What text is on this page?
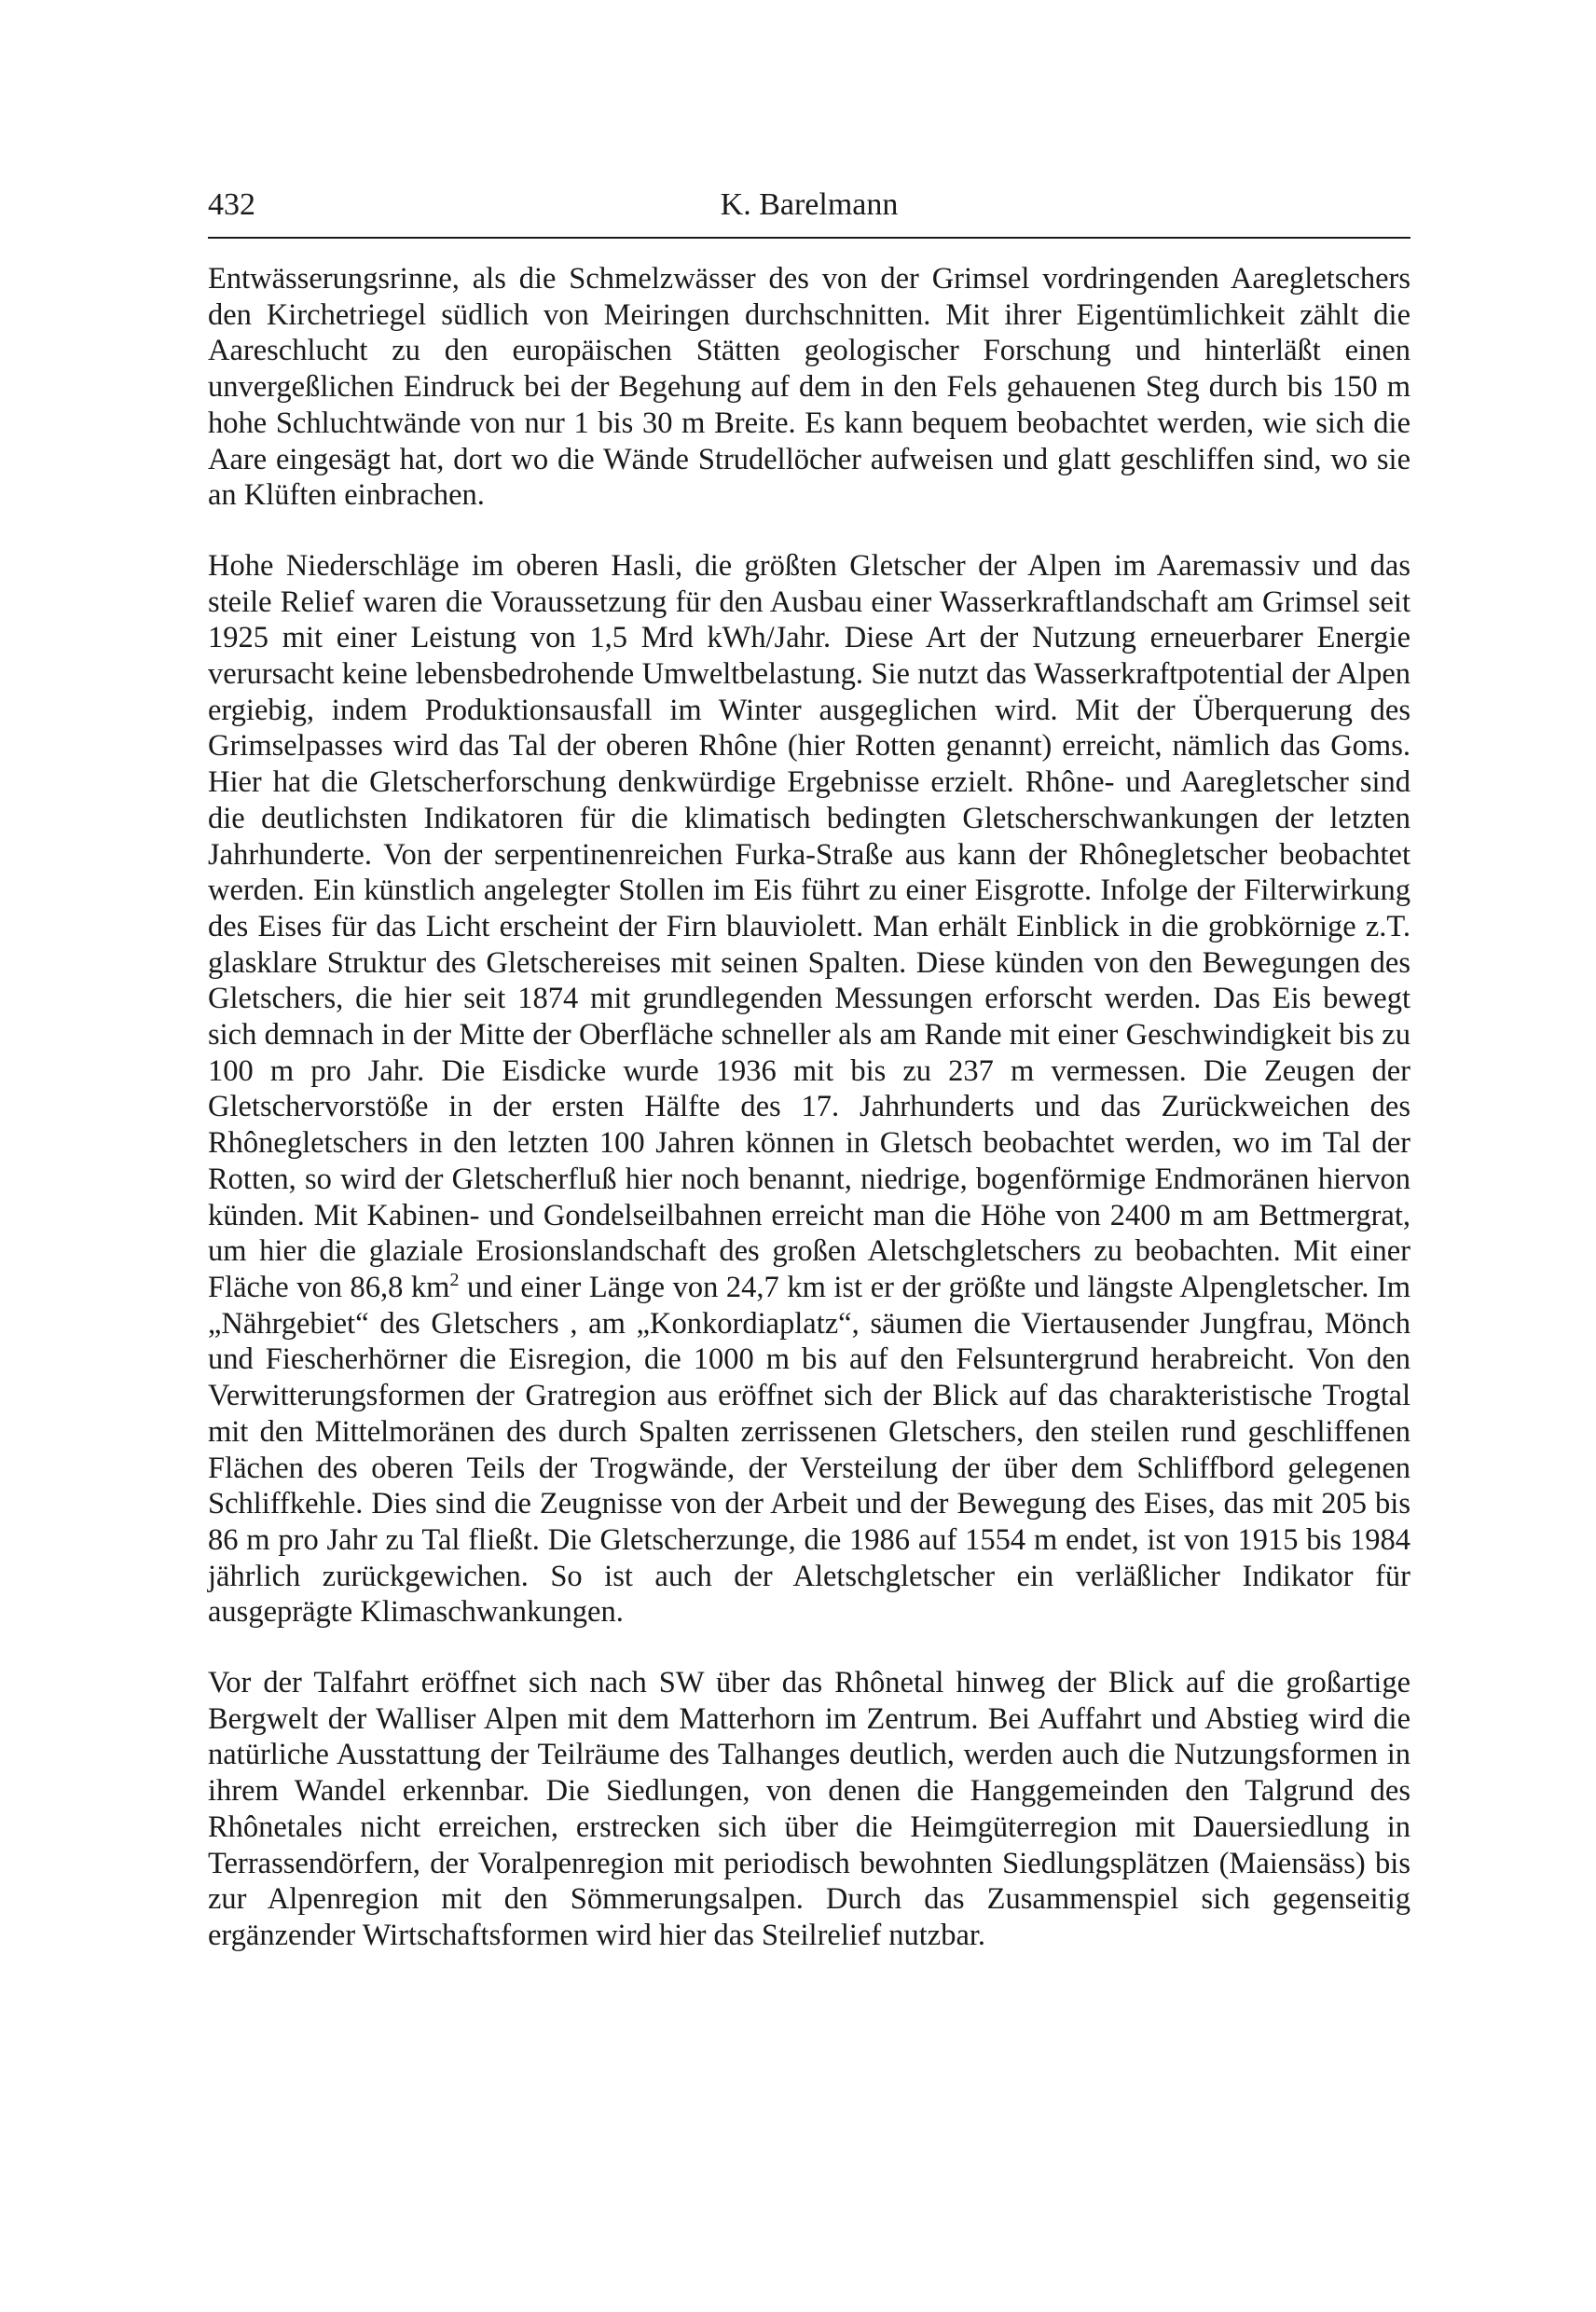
432	K. Barelmann

Entwässerungsrinne, als die Schmelzwässer des von der Grimsel vordringenden Aaregletschers den Kirchetriegel südlich von Meiringen durchschnitten. Mit ihrer Eigentümlichkeit zählt die Aareschlucht zu den europäischen Stätten geologischer Forschung und hinterläßt einen unvergeßlichen Eindruck bei der Begehung auf dem in den Fels gehauenen Steg durch bis 150 m hohe Schluchtwände von nur 1 bis 30 m Breite. Es kann bequem beobachtet werden, wie sich die Aare eingesägt hat, dort wo die Wände Strudellöcher aufweisen und glatt geschliffen sind, wo sie an Klüften einbrachen.

Hohe Niederschläge im oberen Hasli, die größten Gletscher der Alpen im Aaremassiv und das steile Relief waren die Voraussetzung für den Ausbau einer Wasserkraftlandschaft am Grimsel seit 1925 mit einer Leistung von 1,5 Mrd kWh/Jahr. Diese Art der Nutzung erneuerbarer Energie verursacht keine lebensbedrohende Umweltbelastung. Sie nutzt das Wasserkraftpotential der Alpen ergiebig, indem Produktionsausfall im Winter ausgeglichen wird. Mit der Überquerung des Grimselpasses wird das Tal der oberen Rhône (hier Rotten genannt) erreicht, nämlich das Goms. Hier hat die Gletscherforschung denkwürdige Ergebnisse erzielt. Rhône- und Aaregletscher sind die deutlichsten Indikatoren für die klimatisch bedingten Gletscherschwankungen der letzten Jahrhunderte. Von der serpentinenreichen Furka-Straße aus kann der Rhônegletscher beobachtet werden. Ein künstlich angelegter Stollen im Eis führt zu einer Eisgrotte. Infolge der Filterwirkung des Eises für das Licht erscheint der Firn blauviolett. Man erhält Einblick in die grobkörnige z.T. glasklare Struktur des Gletschereises mit seinen Spalten. Diese künden von den Bewegungen des Gletschers, die hier seit 1874 mit grundlegenden Messungen erforscht werden. Das Eis bewegt sich demnach in der Mitte der Oberfläche schneller als am Rande mit einer Geschwindigkeit bis zu 100 m pro Jahr. Die Eisdicke wurde 1936 mit bis zu 237 m vermessen. Die Zeugen der Gletschervorstöße in der ersten Hälfte des 17. Jahrhunderts und das Zurückweichen des Rhônegletschers in den letzten 100 Jahren können in Gletsch beobachtet werden, wo im Tal der Rotten, so wird der Gletscherfluß hier noch benannt, niedrige, bogenförmige Endmoränen hiervon künden. Mit Kabinen- und Gondelseilbahnen erreicht man die Höhe von 2400 m am Bettmergrat, um hier die glaziale Erosionslandschaft des großen Aletschgletschers zu beobachten. Mit einer Fläche von 86,8 $km^2$ und einer Länge von 24,7 km ist er der größte und längste Alpengletscher. Im „Nährgebiet“ des Gletschers , am „Konkordiaplatz“, säumen die Viertausender Jungfrau, Mönch und Fiescherhörner die Eisregion, die 1000 m bis auf den Felsuntergrund herabreicht. Von den Verwitterungsformen der Gratregion aus eröffnet sich der Blick auf das charakteristische Trogtal mit den Mittelmoränen des durch Spalten zerrissenen Gletschers, den steilen rund geschliffenen Flächen des oberen Teils der Trogwände, der Versteilung der über dem Schliffbord gelegenen Schliffkehle. Dies sind die Zeugnisse von der Arbeit und der Bewegung des Eises, das mit 205 bis 86 m pro Jahr zu Tal fließt. Die Gletscherzunge, die 1986 auf 1554 m endet, ist von 1915 bis 1984 jährlich zurückgewichen. So ist auch der Aletschgletscher ein verläßlicher Indikator für ausgeprägte Klimaschwankungen.

Vor der Talfahrt eröffnet sich nach SW über das Rhônetal hinweg der Blick auf die großartige Bergwelt der Walliser Alpen mit dem Matterhorn im Zentrum. Bei Auffahrt und Abstieg wird die natürliche Ausstattung der Teilräume des Talhanges deutlich, werden auch die Nutzungsformen in ihrem Wandel erkennbar. Die Siedlungen, von denen die Hanggemeinden den Talgrund des Rhônetales nicht erreichen, erstrecken sich über die Heimgüterregion mit Dauersiedlung in Terrassendörfern, der Voralpenregion mit periodisch bewohnten Siedlungsplätzen (Maiensäss) bis zur Alpenregion mit den Sömmerungsalpen. Durch das Zusammenspiel sich gegenseitig ergänzender Wirtschaftsformen wird hier das Steilrelief nutzbar.
